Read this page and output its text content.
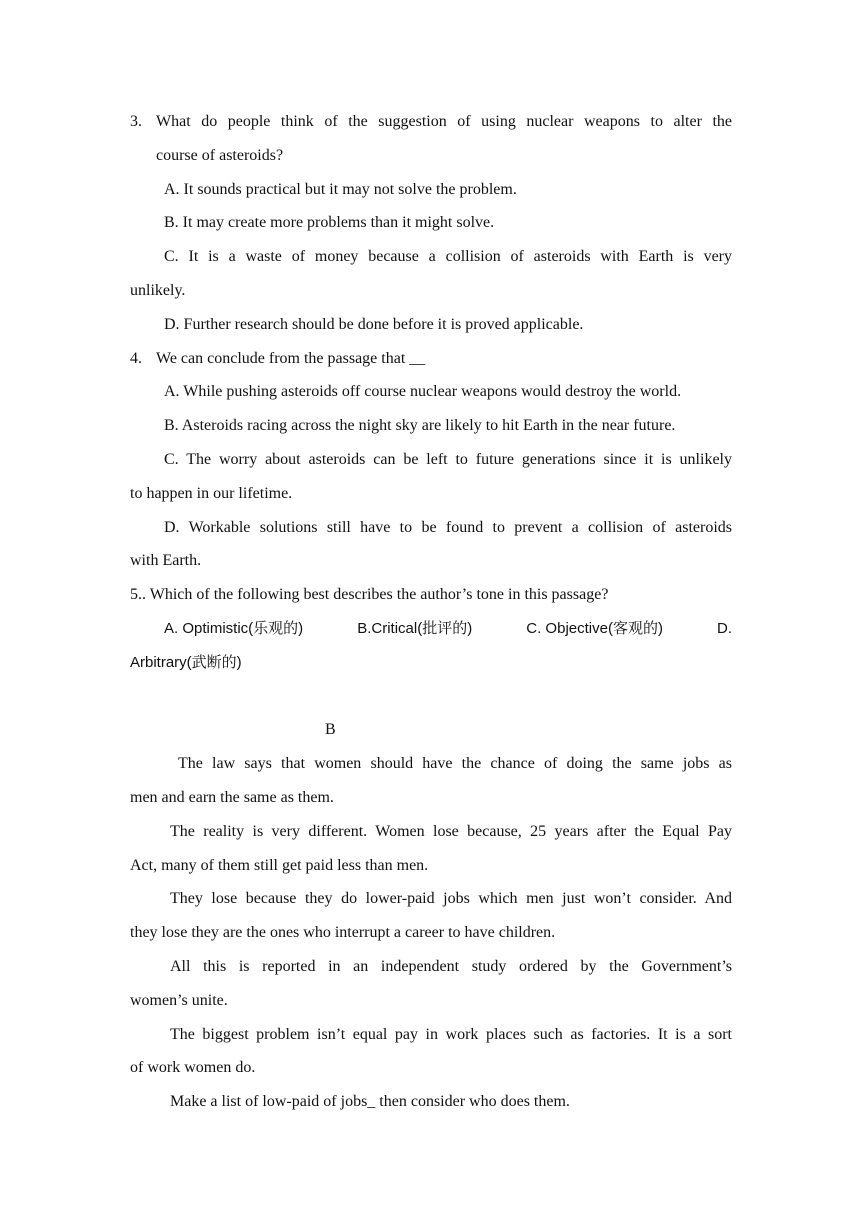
3. What do people think of the suggestion of using nuclear weapons to alter the
course of asteroids?
A. It sounds practical but it may not solve the problem.
B. It may create more problems than it might solve.
C. It is a waste of money because a collision of asteroids with Earth is very
unlikely.
D. Further research should be done before it is proved applicable.
4. We can conclude from the passage that __
A. While pushing asteroids off course nuclear weapons would destroy the world.
B. Asteroids racing across the night sky are likely to hit Earth in the near future.
C. The worry about asteroids can be left to future generations since it is unlikely
to happen in our lifetime.
D. Workable solutions still have to be found to prevent a collision of asteroids
with Earth.
5.. Which of the following best describes the author’s tone in this passage?
A. Optimistic(乐观的)	B.Critical(批评的)	C. Objective(客观的)	D.
Arbitrary(武断的)
B
The law says that women should have the chance of doing the same jobs as
men and earn the same as them.
The reality is very different. Women lose because, 25 years after the Equal Pay
Act, many of them still get paid less than men.
They lose because they do lower-paid jobs which men just won’t consider. And
they lose they are the ones who interrupt a career to have children.
All this is reported in an independent study ordered by the Government’s
women’s unite.
The biggest problem isn’t equal pay in work places such as factories. It is a sort
of work women do.
Make a list of low-paid of jobs_ then consider who does them.
